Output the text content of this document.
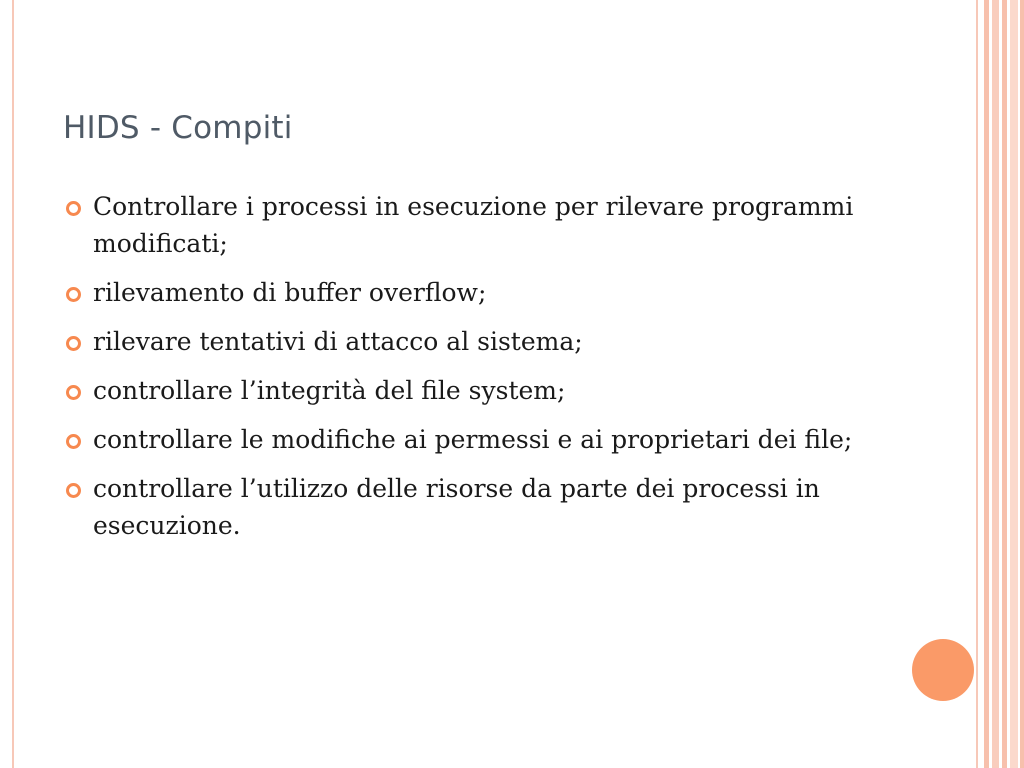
HIDS - Compiti
Controllare i processi in esecuzione per rilevare programmi modificati;
rilevamento di buffer overflow;
rilevare tentativi di attacco al sistema;
controllare l’integrità del file system;
controllare le modifiche ai permessi e ai proprietari dei file;
controllare l’utilizzo delle risorse da parte dei processi in esecuzione.
